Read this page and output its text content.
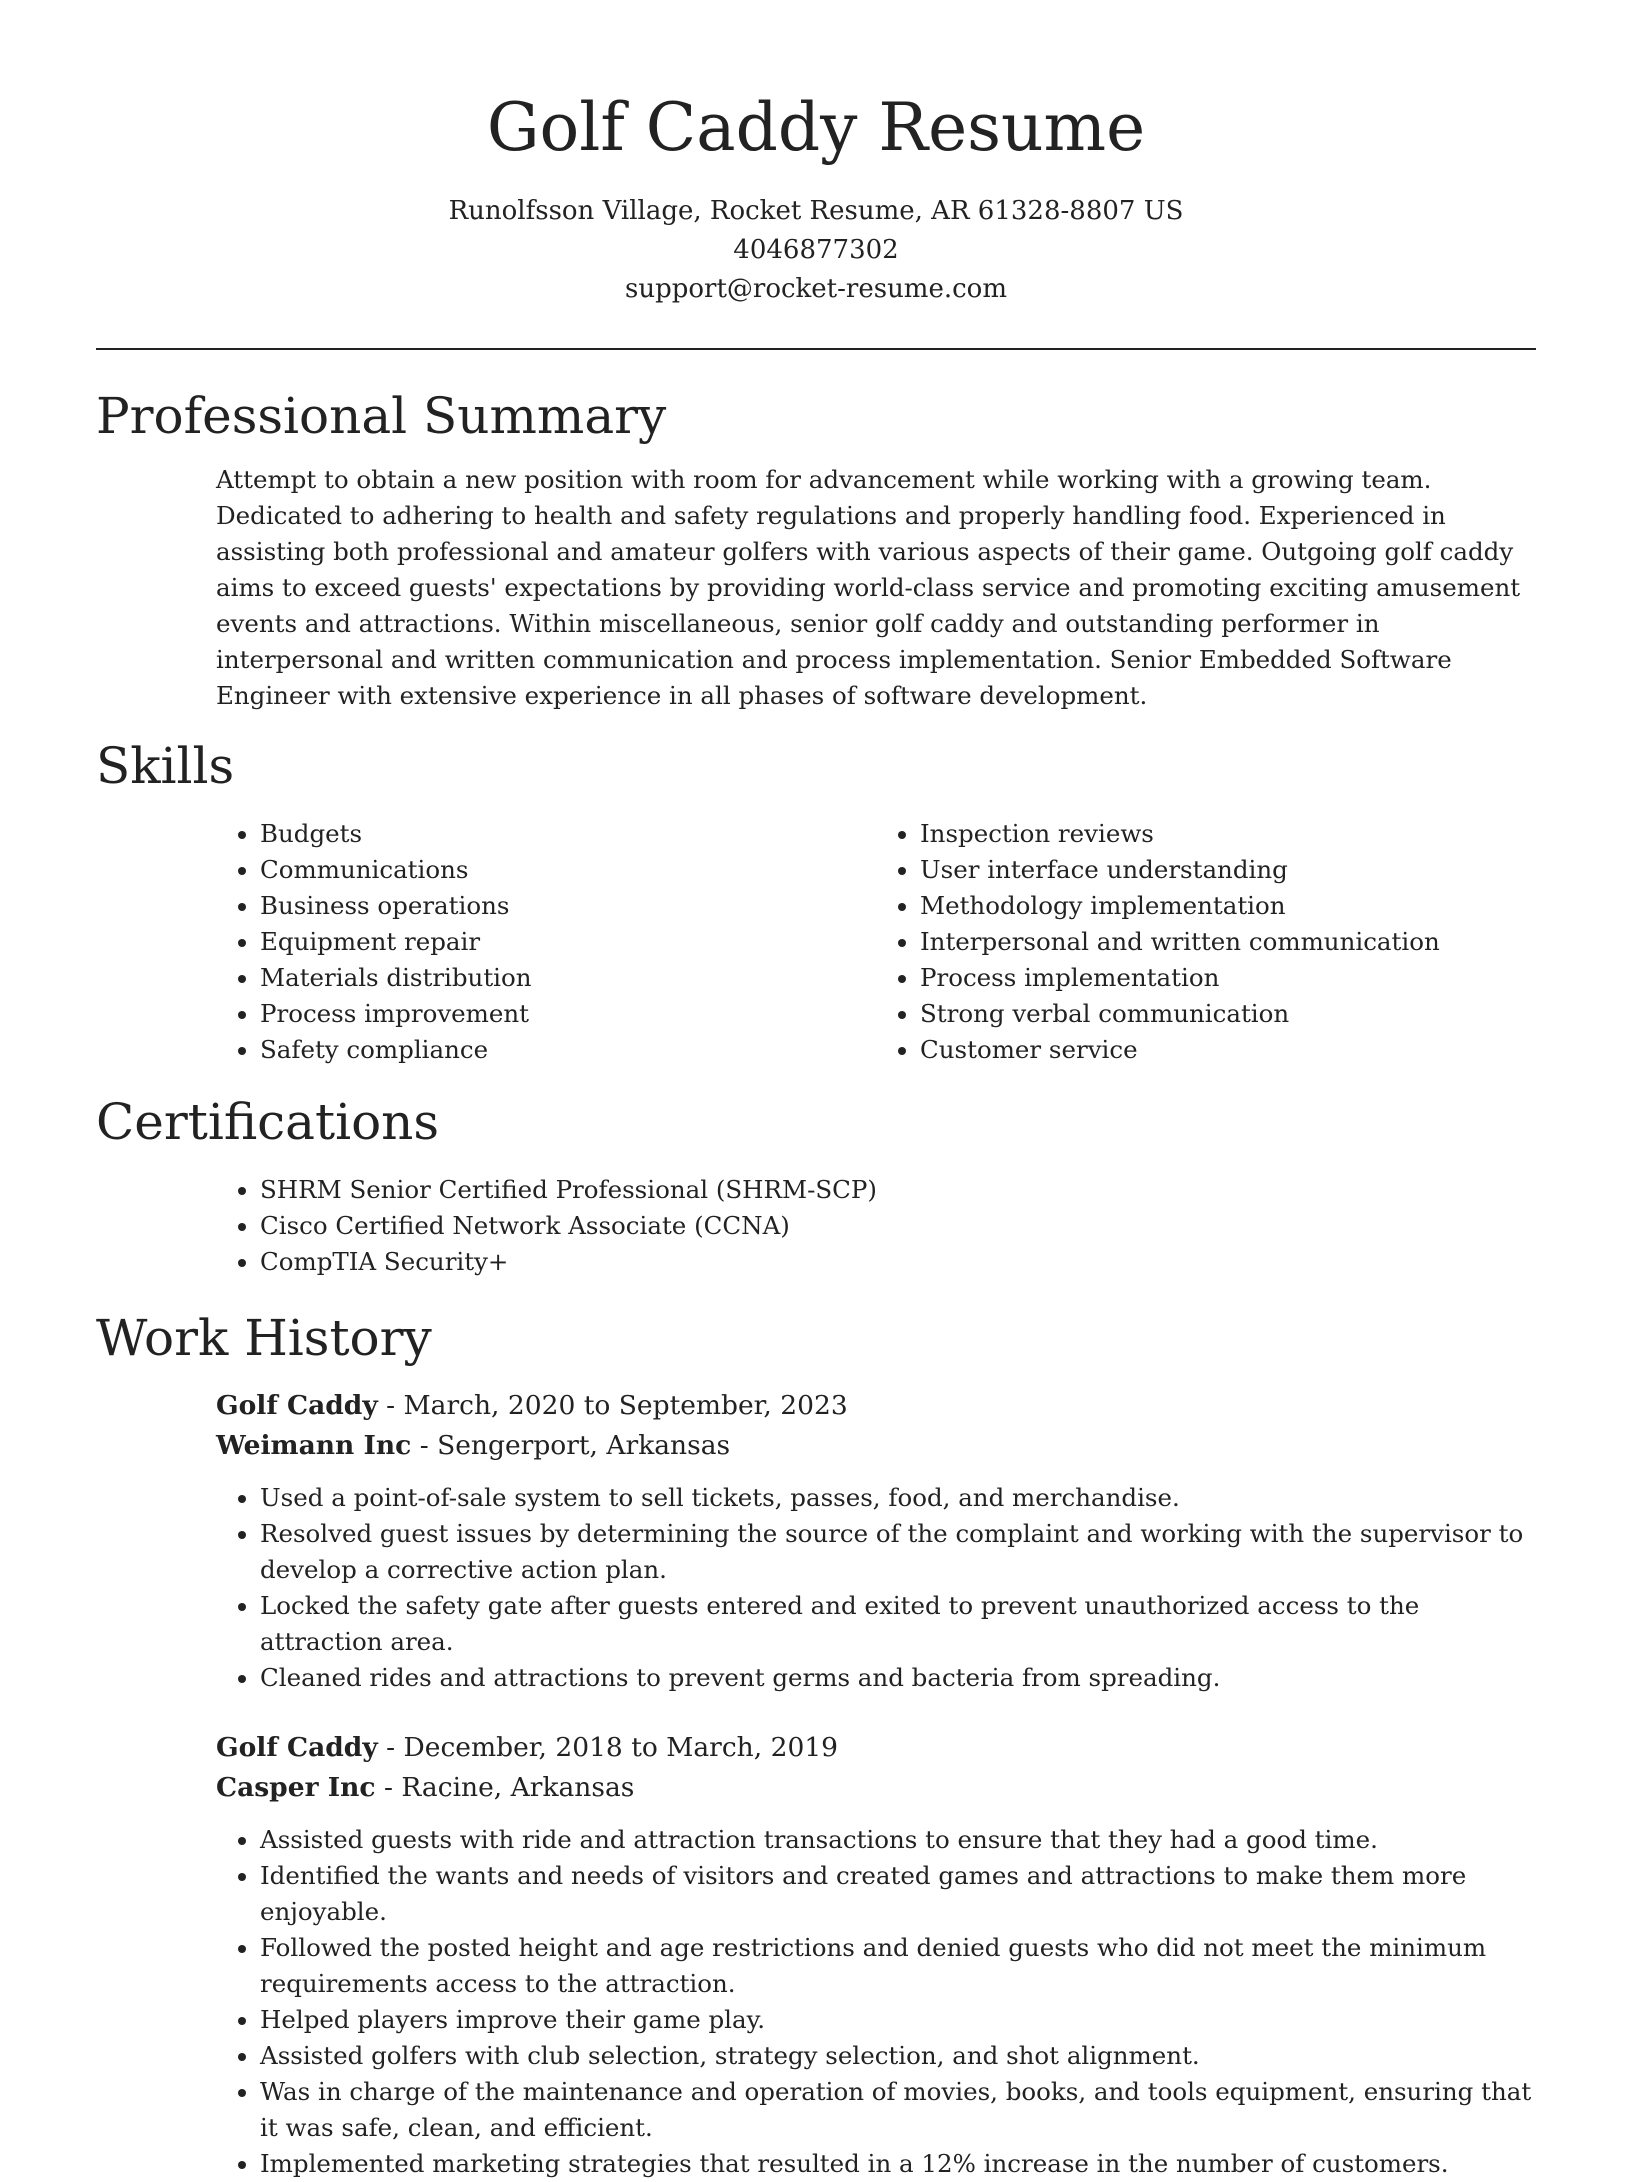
Golf Caddy Resume
Runolfsson Village, Rocket Resume, AR 61328-8807 US
4046877302
support@rocket-resume.com
Professional Summary
Attempt to obtain a new position with room for advancement while working with a growing team. Dedicated to adhering to health and safety regulations and properly handling food. Experienced in assisting both professional and amateur golfers with various aspects of their game. Outgoing golf caddy aims to exceed guests' expectations by providing world-class service and promoting exciting amusement events and attractions. Within miscellaneous, senior golf caddy and outstanding performer in interpersonal and written communication and process implementation. Senior Embedded Software Engineer with extensive experience in all phases of software development.
Skills
• Budgets
• Communications
• Business operations
• Equipment repair
• Materials distribution
• Process improvement
• Safety compliance
• Inspection reviews
• User interface understanding
• Methodology implementation
• Interpersonal and written communication
• Process implementation
• Strong verbal communication
• Customer service
Certifications
• SHRM Senior Certified Professional (SHRM-SCP)
• Cisco Certified Network Associate (CCNA)
• CompTIA Security+
Work History
Golf Caddy - March, 2020 to September, 2023
Weimann Inc - Sengerport, Arkansas
• Used a point-of-sale system to sell tickets, passes, food, and merchandise.
• Resolved guest issues by determining the source of the complaint and working with the supervisor to develop a corrective action plan.
• Locked the safety gate after guests entered and exited to prevent unauthorized access to the attraction area.
• Cleaned rides and attractions to prevent germs and bacteria from spreading.
Golf Caddy - December, 2018 to March, 2019
Casper Inc - Racine, Arkansas
• Assisted guests with ride and attraction transactions to ensure that they had a good time.
• Identified the wants and needs of visitors and created games and attractions to make them more enjoyable.
• Followed the posted height and age restrictions and denied guests who did not meet the minimum requirements access to the attraction.
• Helped players improve their game play.
• Assisted golfers with club selection, strategy selection, and shot alignment.
• Was in charge of the maintenance and operation of movies, books, and tools equipment, ensuring that it was safe, clean, and efficient.
• Implemented marketing strategies that resulted in a 12% increase in the number of customers.
